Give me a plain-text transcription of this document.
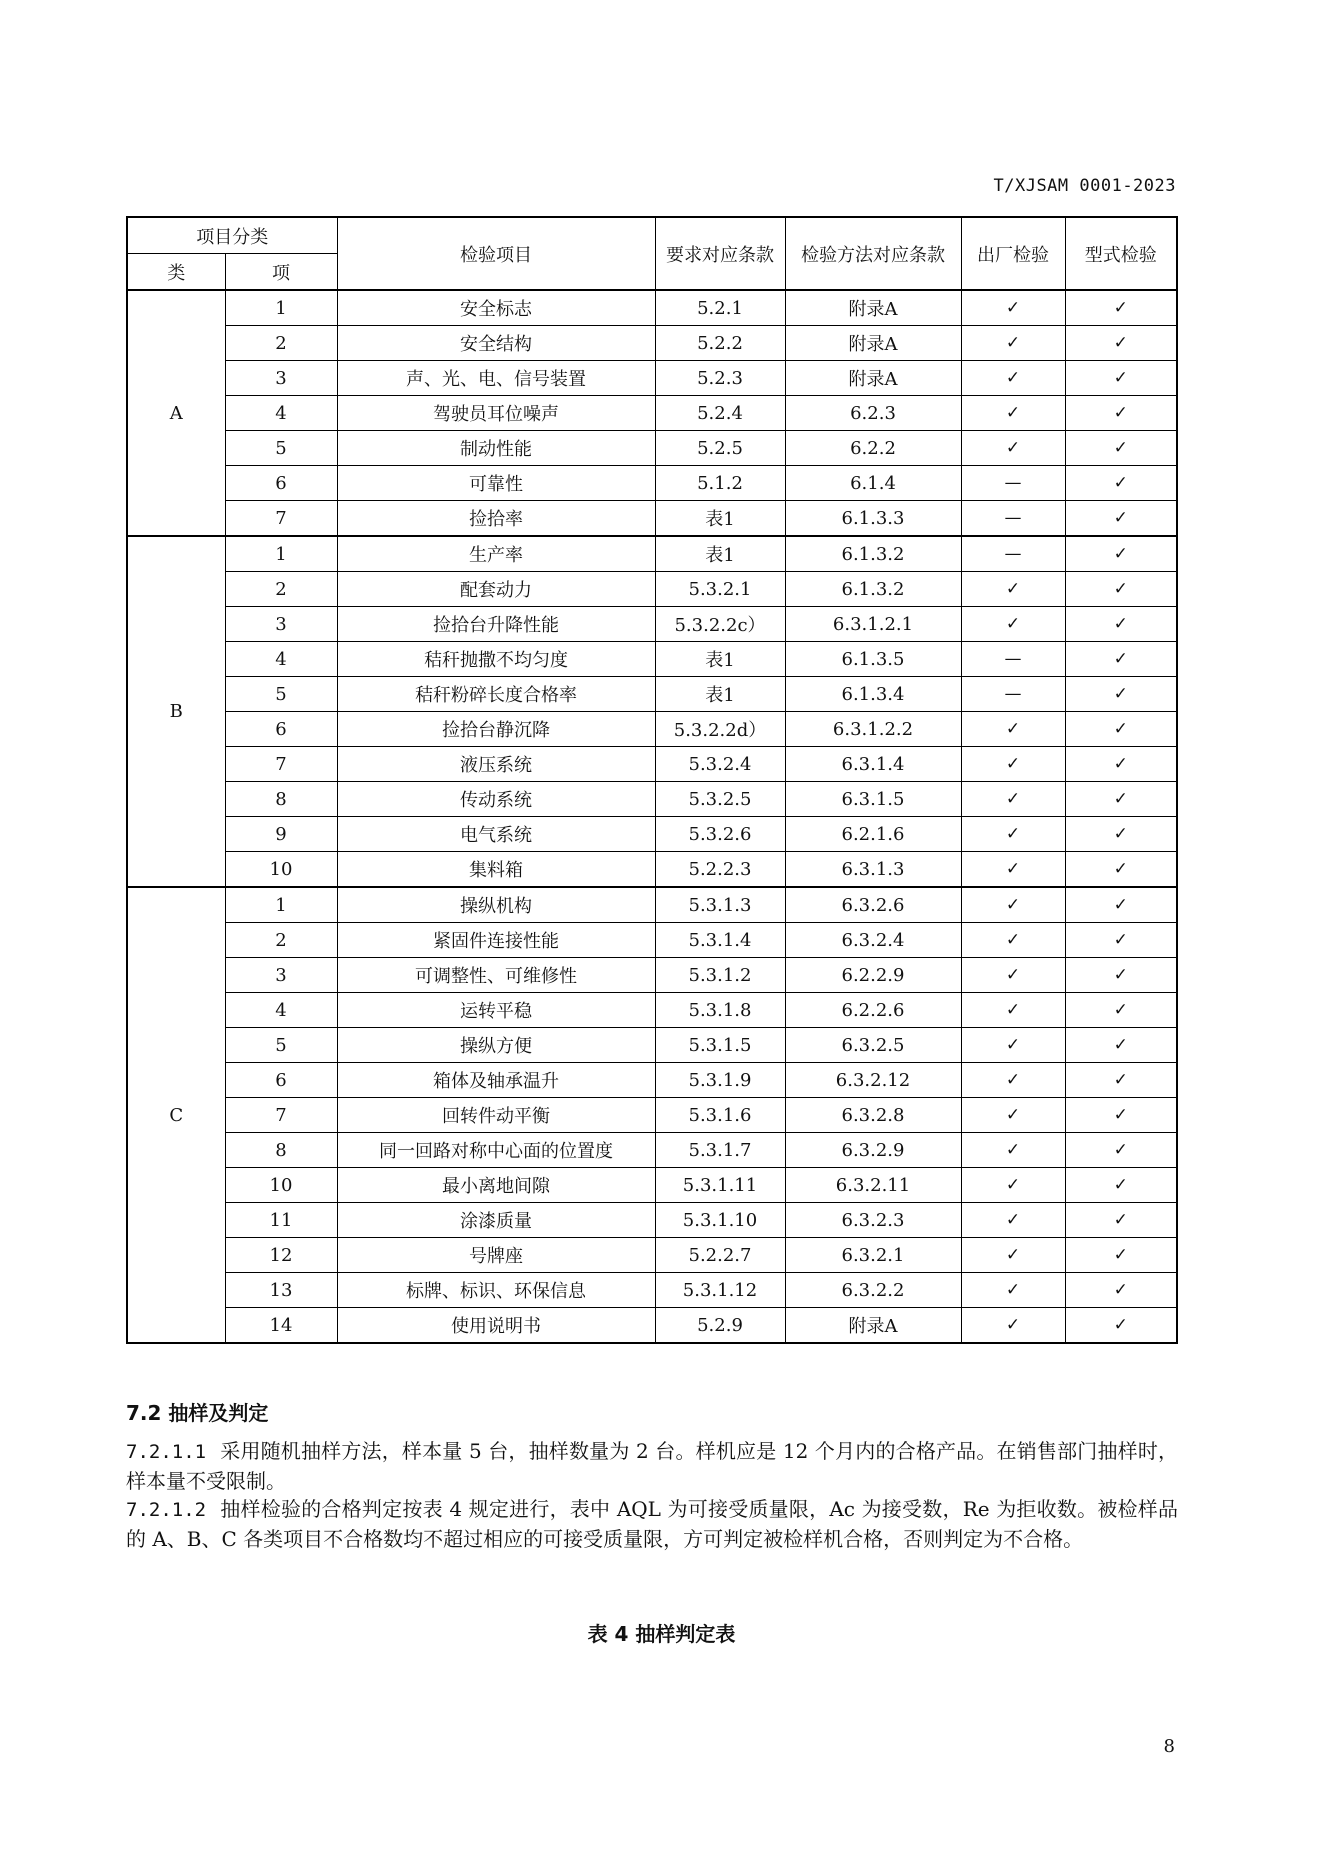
T/XJSAM 0001-2023
项目分类		检验项目	要求对应条款	检验方法对应条款	出厂检验	型式检验
类	项					
A	1	安全标志	5.2.1	附录A	✓	✓
	2	安全结构	5.2.2	附录A	✓	✓
	3	声、光、电、信号装置	5.2.3	附录A	✓	✓
	4	驾驶员耳位噪声	5.2.4	6.2.3	✓	✓
	5	制动性能	5.2.5	6.2.2	✓	✓
	6	可靠性	5.1.2	6.1.4	—	✓
	7	捡拾率	表1	6.1.3.3	—	✓
B	1	生产率	表1	6.1.3.2	—	✓
	2	配套动力	5.3.2.1	6.1.3.2	✓	✓
	3	捡拾台升降性能	5.3.2.2c）	6.3.1.2.1	✓	✓
	4	秸秆抛撒不均匀度	表1	6.1.3.5	—	✓
	5	秸秆粉碎长度合格率	表1	6.1.3.4	—	✓
	6	捡拾台静沉降	5.3.2.2d）	6.3.1.2.2	✓	✓
	7	液压系统	5.3.2.4	6.3.1.4	✓	✓
	8	传动系统	5.3.2.5	6.3.1.5	✓	✓
	9	电气系统	5.3.2.6	6.2.1.6	✓	✓
	10	集料箱	5.2.2.3	6.3.1.3	✓	✓
C	1	操纵机构	5.3.1.3	6.3.2.6	✓	✓
	2	紧固件连接性能	5.3.1.4	6.3.2.4	✓	✓
	3	可调整性、可维修性	5.3.1.2	6.2.2.9	✓	✓
	4	运转平稳	5.3.1.8	6.2.2.6	✓	✓
	5	操纵方便	5.3.1.5	6.3.2.5	✓	✓
	6	箱体及轴承温升	5.3.1.9	6.3.2.12	✓	✓
	7	回转件动平衡	5.3.1.6	6.3.2.8	✓	✓
	8	同一回路对称中心面的位置度	5.3.1.7	6.3.2.9	✓	✓
	10	最小离地间隙	5.3.1.11	6.3.2.11	✓	✓
	11	涂漆质量	5.3.1.10	6.3.2.3	✓	✓
	12	号牌座	5.2.2.7	6.3.2.1	✓	✓
	13	标牌、标识、环保信息	5.3.1.12	6.3.2.2	✓	✓
	14	使用说明书	5.2.9	附录A	✓	✓
7.2 抽样及判定
7.2.1.1 采用随机抽样方法，样本量 5 台，抽样数量为 2 台。样机应是 12 个月内的合格产品。在销售部门抽样时，样本量不受限制。
7.2.1.2 抽样检验的合格判定按表 4 规定进行，表中 AQL 为可接受质量限，Ac 为接受数，Re 为拒收数。被检样品的 A、B、C 各类项目不合格数均不超过相应的可接受质量限，方可判定被检样机合格，否则判定为不合格。
表 4 抽样判定表
8
